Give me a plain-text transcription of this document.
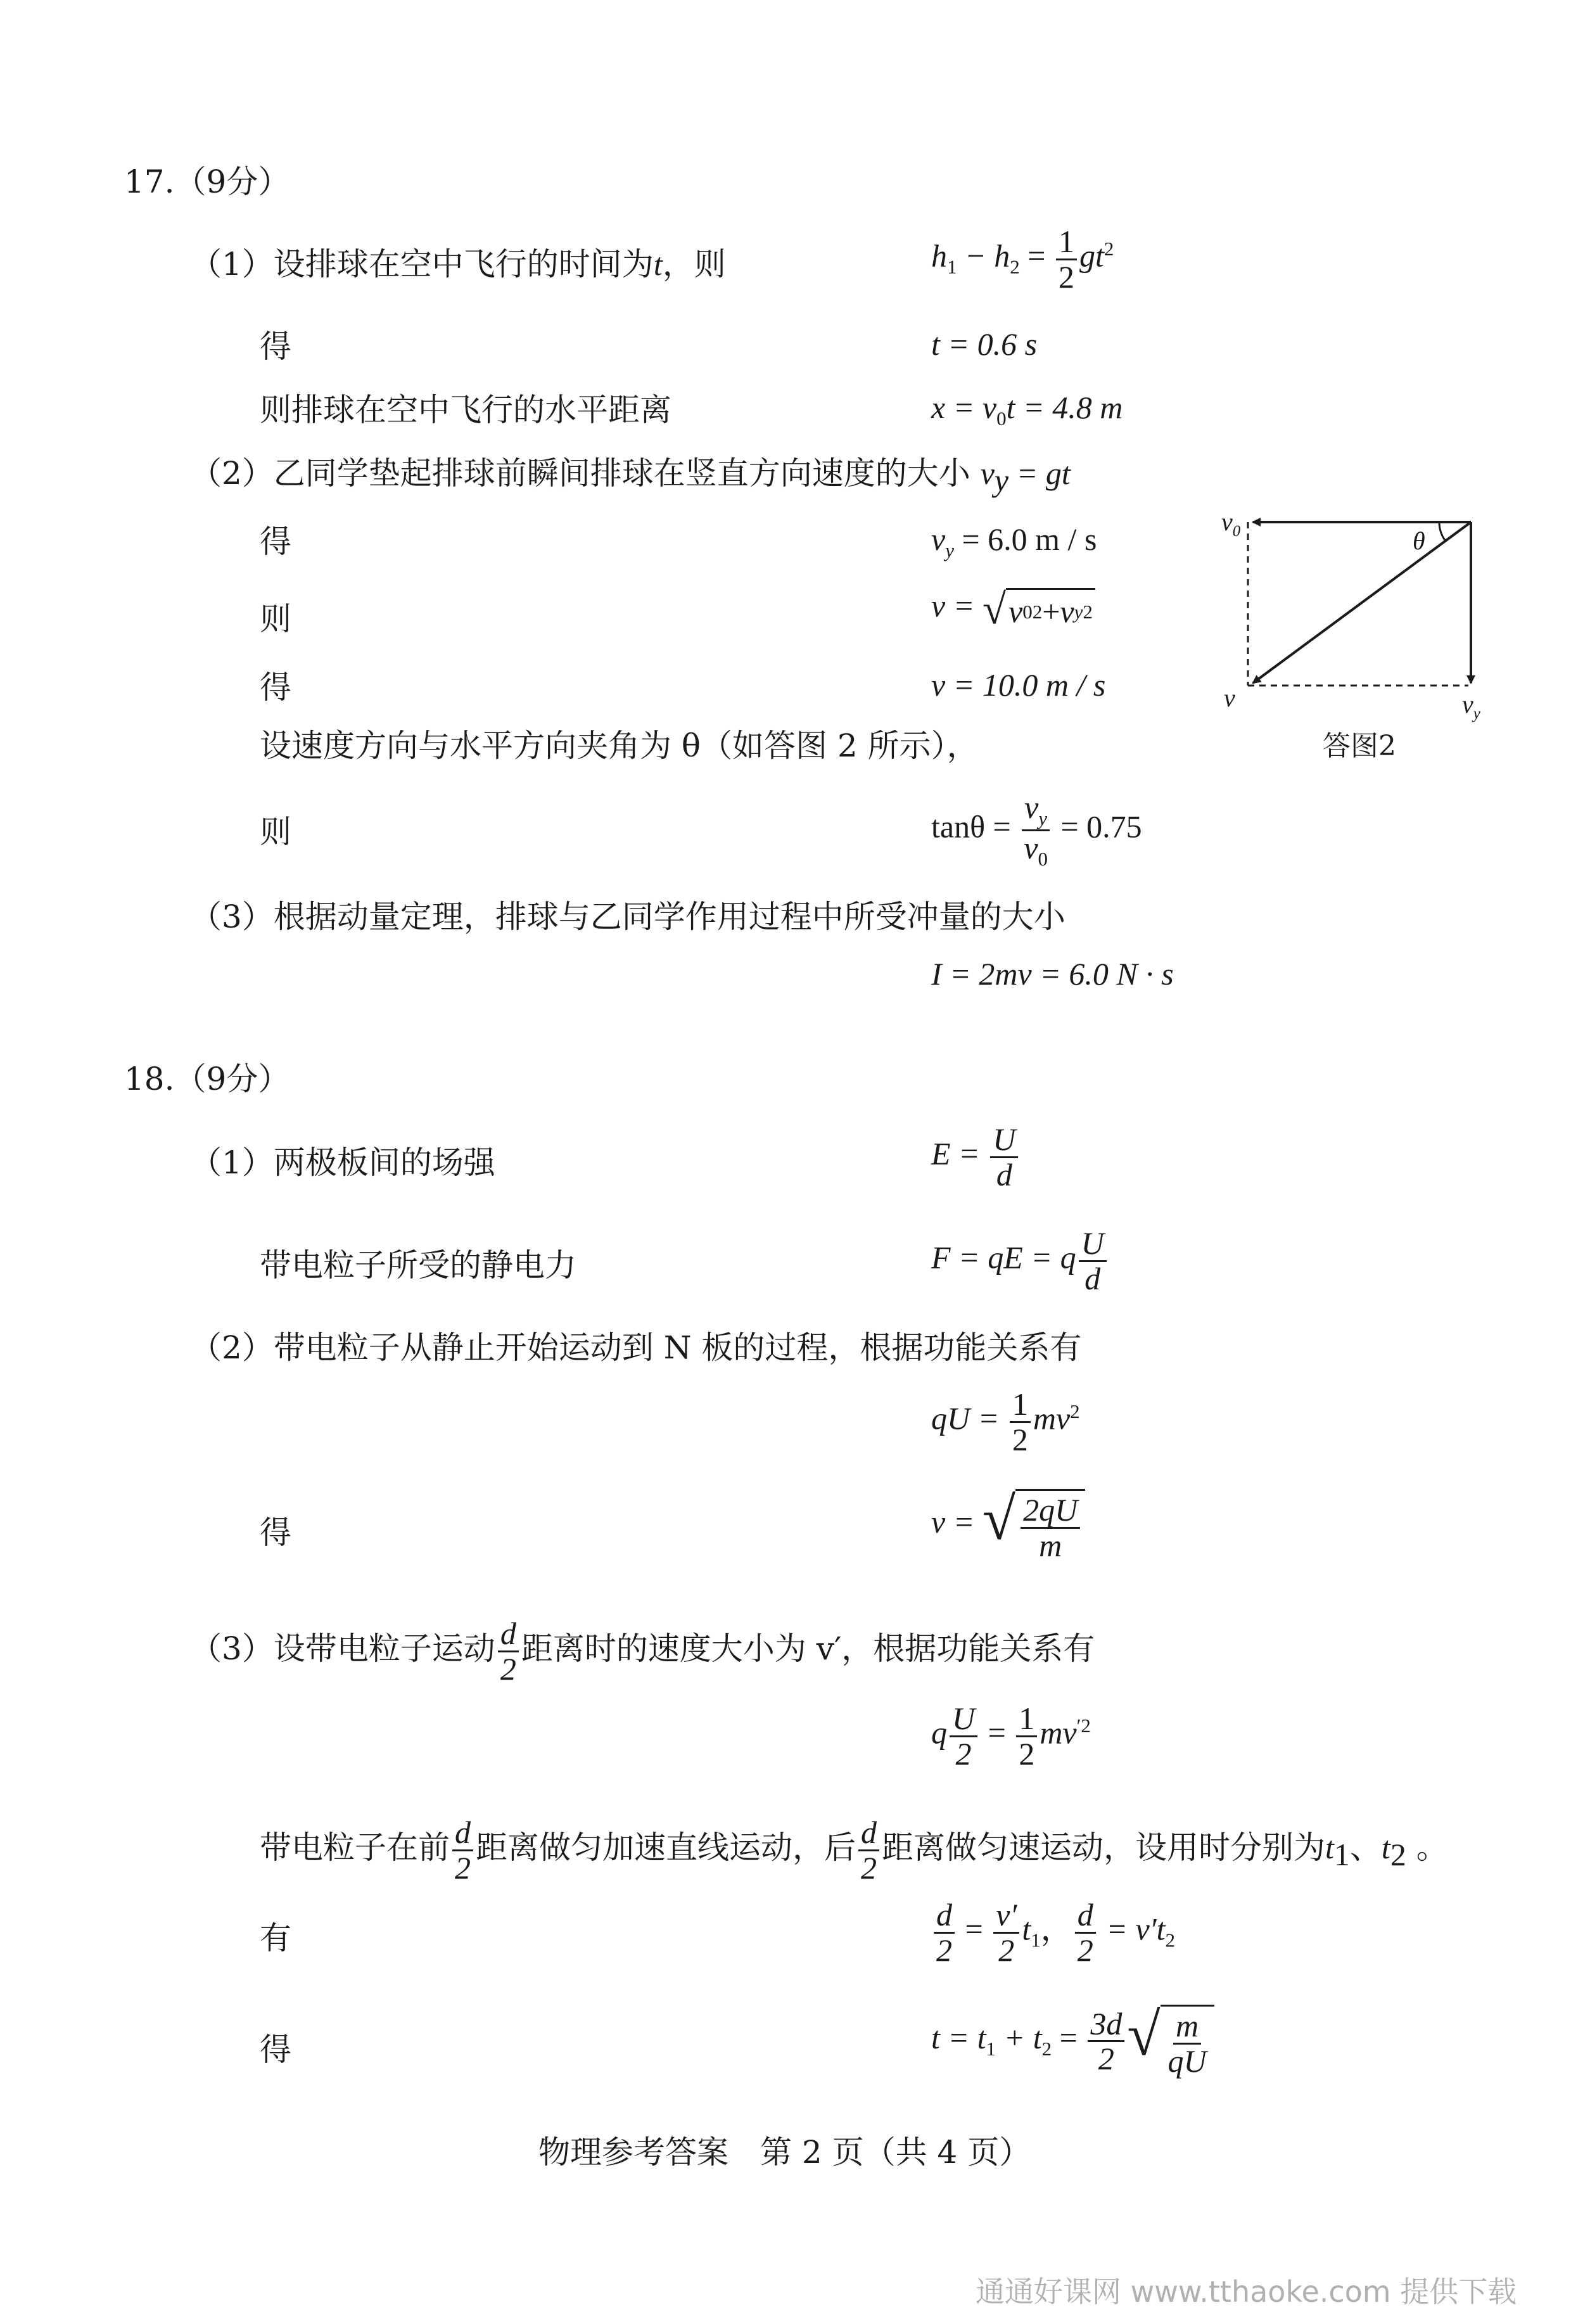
17.（9分）
（1）设排球在空中飞行的时间为t，则	$h_1 - h_2 = \frac{1}{2} gt^2$
得	t = 0.6 s
则排球在空中飞行的水平距离	$x = v_0t = 4.8$ m
（2）乙同学垫起排球前瞬间排球在竖直方向速度的大小 $v_y$ = gt
得	$v_y = 6.0$ m / s
则	v = √ v 0 2 + v y 2
得	v = 10.0 m / s
设速度方向与水平方向夹角为 θ（如答图 2 所示），
则	$\tan\theta = \frac{v_y}{v_0} = 0.75$
（3）根据动量定理，排球与乙同学作用过程中所受冲量的大小
I = 2mv = 6.0 N · s
$v_0$	θ
v	$v_y$
答图2
18.（9分）
（1）两极板间的场强	$E = \frac{U}{d}$
带电粒子所受的静电力	F = qE = q $\frac{U}{d}$
（2）带电粒子从静止开始运动到 N 板的过程，根据功能关系有
qU = $\frac{1}{2} mv^2$
得	v = √ $\frac{2qU}{m}$
（3）设带电粒子运动 $\frac{d}{2}$ 距离时的速度大小为 v′，根据功能关系有
q $\frac{U}{2} = \frac{1}{2} mv^{'2}$
带电粒子在前 $\frac{d}{2}$ 距离做匀加速直线运动，后 $\frac{d}{2}$ 距离做匀速运动，设用时分别为$t_1$、$t_2$ 。
有	$\frac{d}{2} = \frac{v'}{2} t_1$， $\frac{d}{2} = v't_2$
得	$t = t_1 + t_2 = \frac{3d}{2}$ √ $\frac{m}{qU}$
物理参考答案　第 2 页（共 4 页）
通通好课网 www.tthaoke.com 提供下载
